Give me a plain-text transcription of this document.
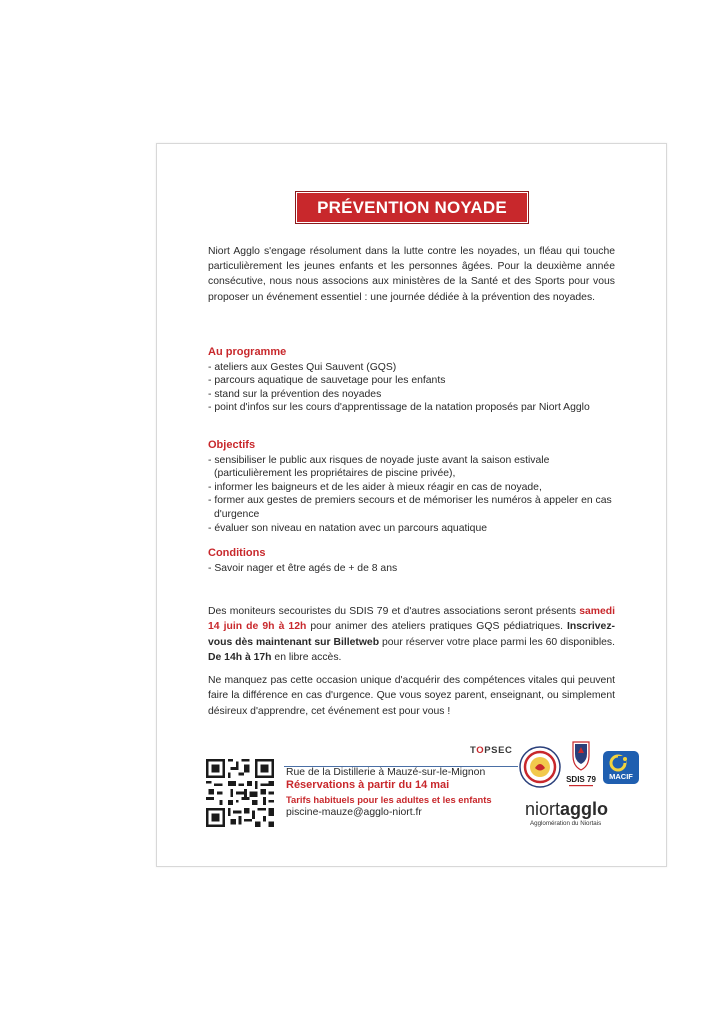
PRÉVENTION NOYADE

Niort Agglo s'engage résolument dans la lutte contre les noyades, un fléau qui touche particulièrement les jeunes enfants et les personnes âgées. Pour la deuxième année consécutive, nous nous associons aux ministères de la Santé et des Sports pour vous proposer un événement essentiel : une journée dédiée à la prévention des noyades.

Au programme
- ateliers aux Gestes Qui Sauvent (GQS)
- parcours aquatique de sauvetage pour les enfants
- stand sur la prévention des noyades
- point d'infos sur les cours d'apprentissage de la natation proposés par Niort Agglo
Objectifs
- sensibiliser le public aux risques de noyade juste avant la saison estivale (particulièrement les propriétaires de piscine privée),
- informer les baigneurs et de les aider à mieux réagir en cas de noyade,
- former aux gestes de premiers secours et de mémoriser les numéros à appeler en cas d'urgence
- évaluer son niveau en natation avec un parcours aquatique
Conditions
- Savoir nager et être agés de + de 8 ans

Des moniteurs secouristes du SDIS 79 et d'autres associations seront présents samedi 14 juin de 9h à 12h pour animer des ateliers pratiques GQS pédiatriques. Inscrivez-vous dès maintenant sur Billetweb pour réserver votre place parmi les 60 disponibles. De 14h à 17h en libre accès.

Ne manquez pas cette occasion unique d'acquérir des compétences vitales qui peuvent faire la différence en cas d'urgence. Que vous soyez parent, enseignant, ou simplement désireux d'apprendre, cet événement est pour vous !

Rue de la Distillerie à Mauzé-sur-le-Mignon
Réservations à partir du 14 mai
Tarifs habituels pour les adultes et les enfants
piscine-mauze@agglo-niort.fr
TOPSEC
SDIS 79	MACIF
niortagglo
Agglomération du Niortais
